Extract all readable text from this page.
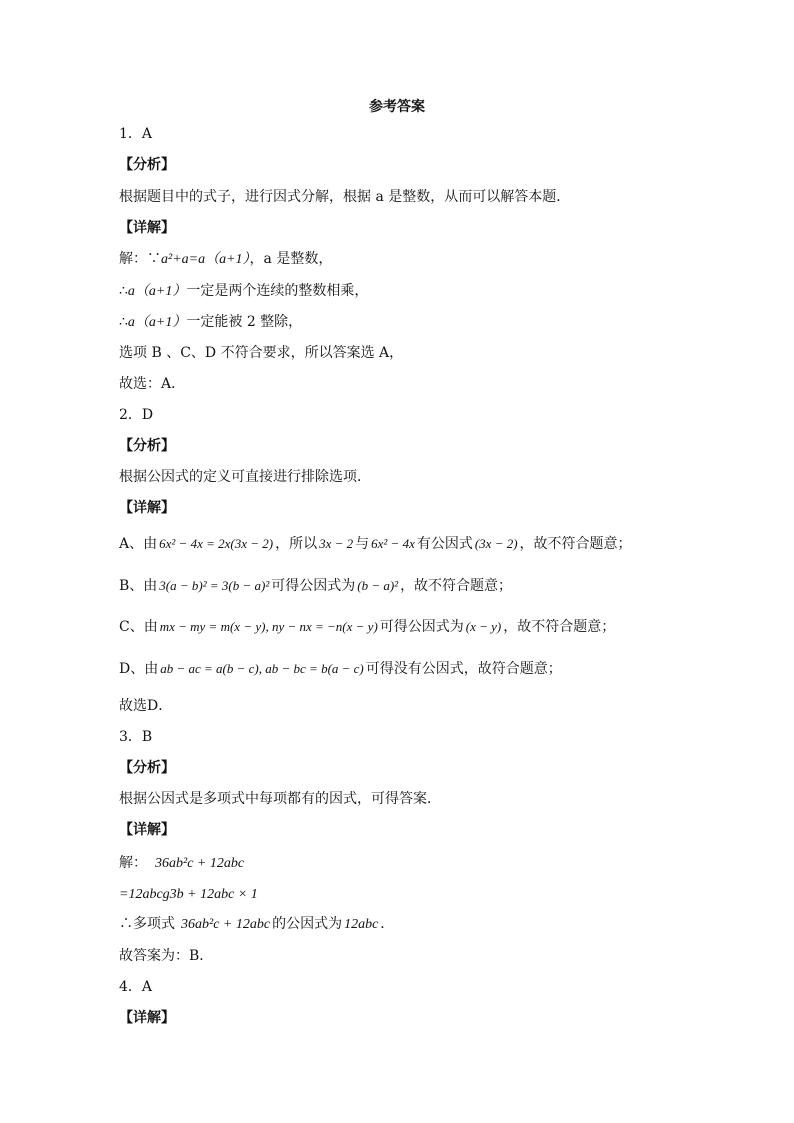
参考答案
1．A
【分析】
根据题目中的式子，进行因式分解，根据 a 是整数，从而可以解答本题．
【详解】
解：∵a²+a=a（a+1），a 是整数，
∴a（a+1）一定是两个连续的整数相乘，
∴a（a+1）一定能被 2 整除，
选项 B 、C、D 不符合要求，所以答案选 A，
故选：A．
2．D
【分析】
根据公因式的定义可直接进行排除选项．
【详解】
A、由 6x² − 4x = 2x(3x − 2) ，所以 3x − 2 与 6x² − 4x 有公因式 (3x − 2) ，故不符合题意；
B、由 3(a − b)² = 3(b − a)² 可得公因式为 (b − a)² ，故不符合题意；
C、由 mx − my = m(x − y), ny − nx = −n(x − y) 可得公因式为 (x − y) ，故不符合题意；
D、由 ab − ac = a(b − c), ab − bc = b(a − c) 可得没有公因式，故符合题意；
故选D．
3．B
【分析】
根据公因式是多项式中每项都有的因式，可得答案．
【详解】
解： 36ab²c + 12abc
=12abcg3b + 12abc × 1
∴多项式 36ab²c + 12abc 的公因式为 12abc ．
故答案为：B．
4．A
【详解】
